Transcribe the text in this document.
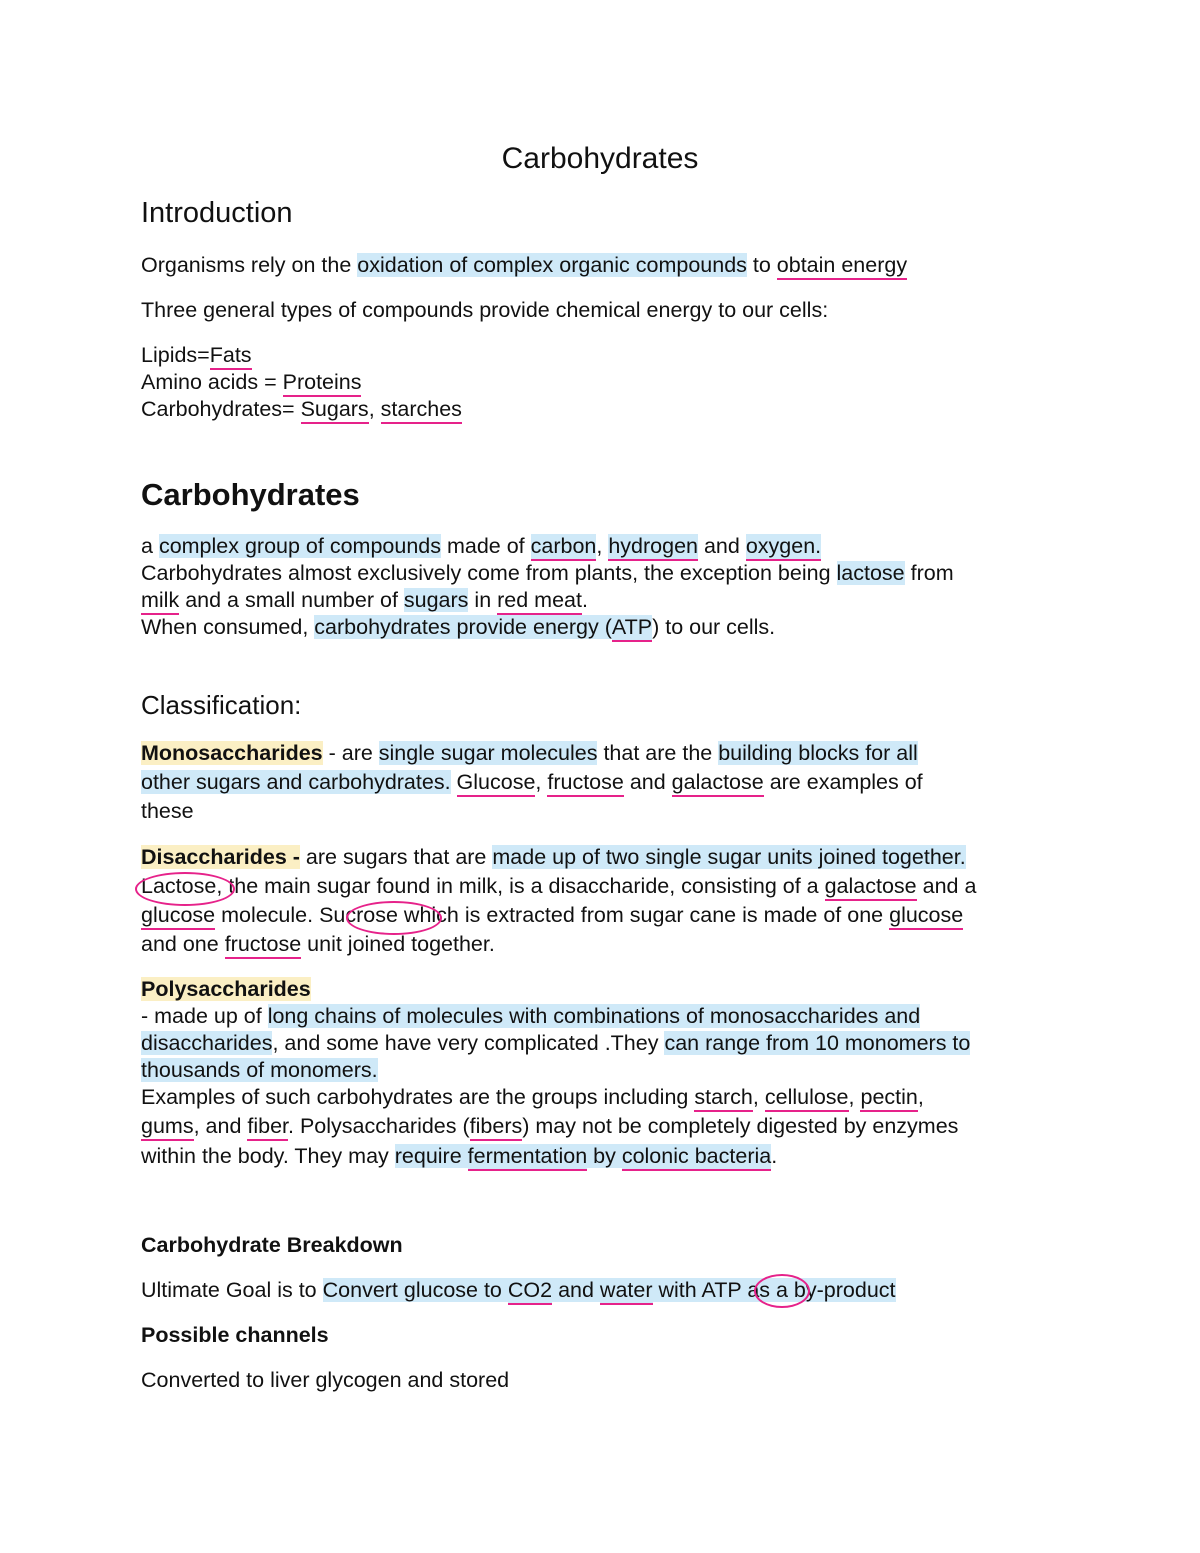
Carbohydrates
Introduction
Organisms rely on the oxidation of complex organic compounds to obtain energy
Three general types of compounds provide chemical energy to our cells:
Lipids=Fats
Amino acids = Proteins
Carbohydrates= Sugars, starches
Carbohydrates
a complex group of compounds made of carbon, hydrogen and oxygen.
Carbohydrates almost exclusively come from plants, the exception being lactose from
milk and a small number of sugars in red meat.
When consumed, carbohydrates provide energy (ATP) to our cells.
Classification:
Monosaccharides - are single sugar molecules that are the building blocks for all
other sugars and carbohydrates. Glucose, fructose and galactose are examples of
these
Disaccharides - are sugars that are made up of two single sugar units joined together.
Lactose, the main sugar found in milk, is a disaccharide, consisting of a galactose and a
glucose molecule. Sucrose which is extracted from sugar cane is made of one glucose
and one fructose unit joined together.
Polysaccharides
- made up of long chains of molecules with combinations of monosaccharides and
disaccharides, and some have very complicated .They can range from 10 monomers to
thousands of monomers.
Examples of such carbohydrates are the groups including starch, cellulose, pectin,
gums, and fiber. Polysaccharides (fibers) may not be completely digested by enzymes
within the body. They may require fermentation by colonic bacteria.
Carbohydrate Breakdown
Ultimate Goal is to Convert glucose to CO2 and water with ATP as a by-product
Possible channels
Converted to liver glycogen and stored
